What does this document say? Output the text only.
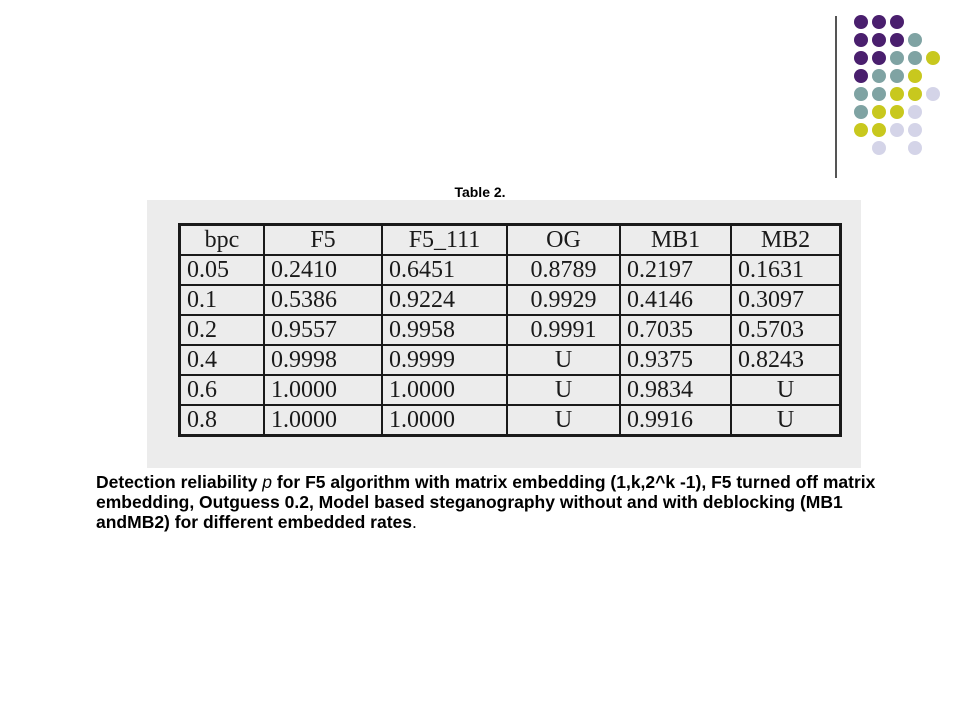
Table 2.
bpc	F5	F5_111	OG	MB1	MB2
0.05	0.2410	0.6451	0.8789	0.2197	0.1631
0.1	0.5386	0.9224	0.9929	0.4146	0.3097
0.2	0.9557	0.9958	0.9991	0.7035	0.5703
0.4	0.9998	0.9999	U	0.9375	0.8243
0.6	1.0000	1.0000	U	0.9834	U
0.8	1.0000	1.0000	U	0.9916	U
Detection reliability p for F5 algorithm with matrix embedding (1,k,2^k -1), F5 turned off matrix embedding, Outguess 0.2, Model based steganography without and with deblocking (MB1 andMB2) for different embedded rates.
